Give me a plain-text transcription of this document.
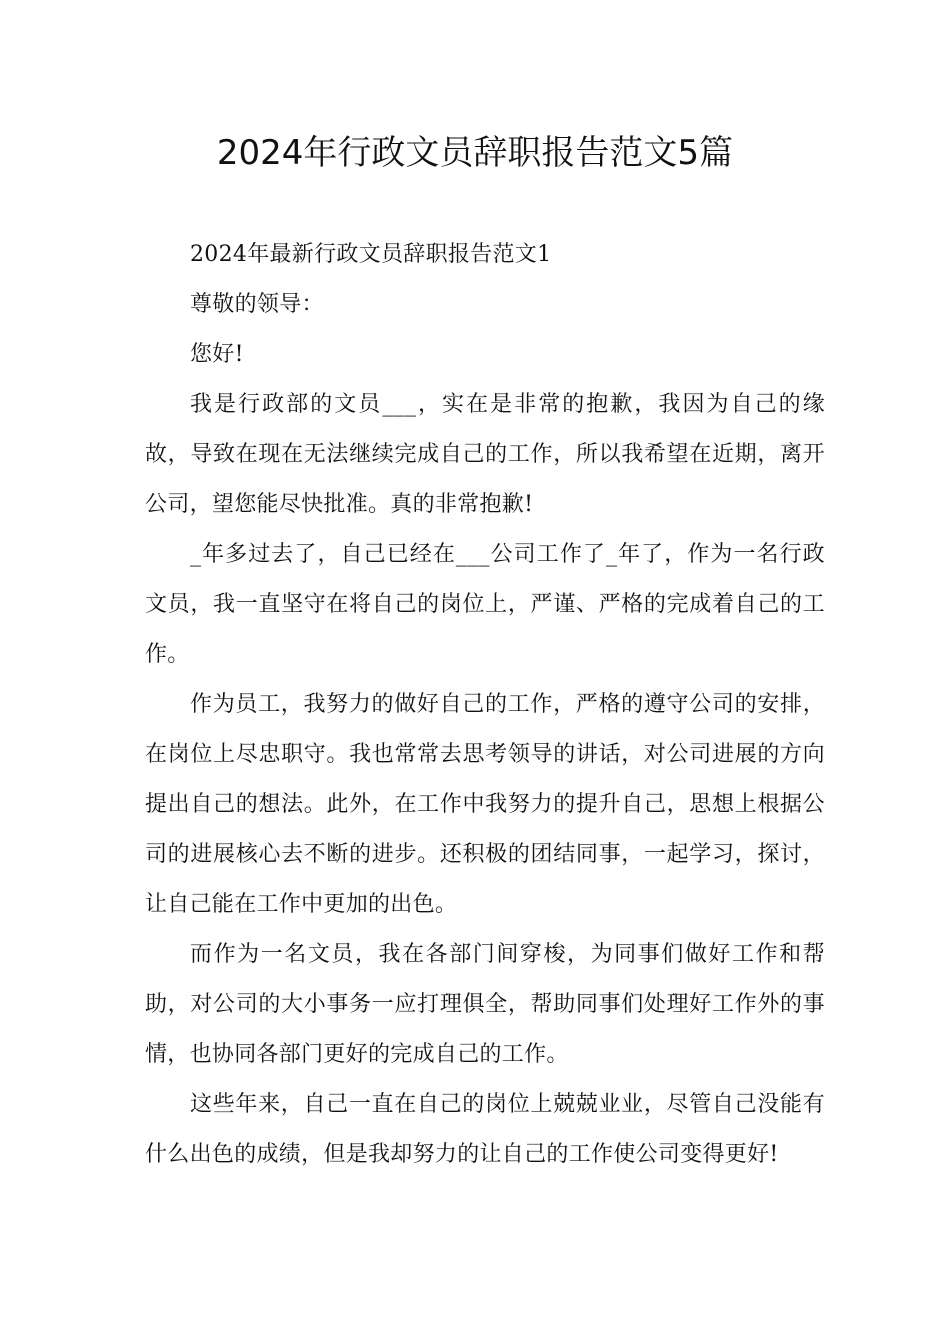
2024年行政文员辞职报告范文5篇

2024年最新行政文员辞职报告范文1

尊敬的领导：

您好!

我是行政部的文员___，实在是非常的抱歉，我因为自己的缘故，导致在现在无法继续完成自己的工作，所以我希望在近期，离开公司，望您能尽快批准。真的非常抱歉!

_年多过去了，自己已经在___公司工作了_年了，作为一名行政文员，我一直坚守在将自己的岗位上，严谨、严格的完成着自己的工作。

作为员工，我努力的做好自己的工作，严格的遵守公司的安排，在岗位上尽忠职守。我也常常去思考领导的讲话，对公司进展的方向提出自己的想法。此外，在工作中我努力的提升自己，思想上根据公司的进展核心去不断的进步。还积极的团结同事，一起学习，探讨，让自己能在工作中更加的出色。

而作为一名文员，我在各部门间穿梭，为同事们做好工作和帮助，对公司的大小事务一应打理俱全，帮助同事们处理好工作外的事情，也协同各部门更好的完成自己的工作。

这些年来，自己一直在自己的岗位上兢兢业业，尽管自己没能有什么出色的成绩，但是我却努力的让自己的工作使公司变得更好!
